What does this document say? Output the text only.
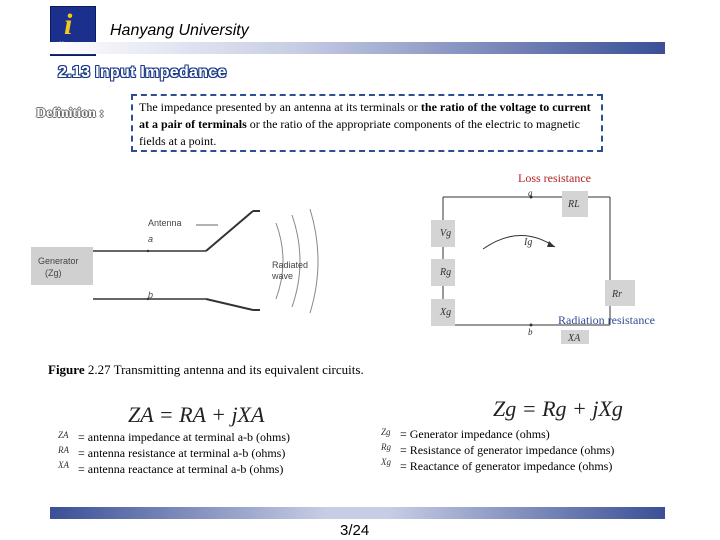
i Hanyang University
2.13 Input Impedance
Definition :	The impedance presented by an antenna at its terminals or the ratio of the voltage to current at a pair of terminals or the ratio of the appropriate components of the electric to magnetic fields at a point.
Loss resistance
Antenna
a
b
Generator
(Zg)
Radiated
wave
Vg
Rg
Xg
Ig
RL
Rr
XA
a
b
Radiation resistance
Figure 2.27 Transmitting antenna and its equivalent circuits.
ZA = RA + jXA
ZA
RA
XA
= antenna impedance at terminal a-b (ohms)
= antenna resistance at terminal a-b (ohms)
= antenna reactance at terminal a-b (ohms)
Zg = Rg + jXg
Zg
Rg
Xg
= Generator impedance (ohms)
= Resistance of generator impedance (ohms)
= Reactance of generator impedance (ohms)
3/24
